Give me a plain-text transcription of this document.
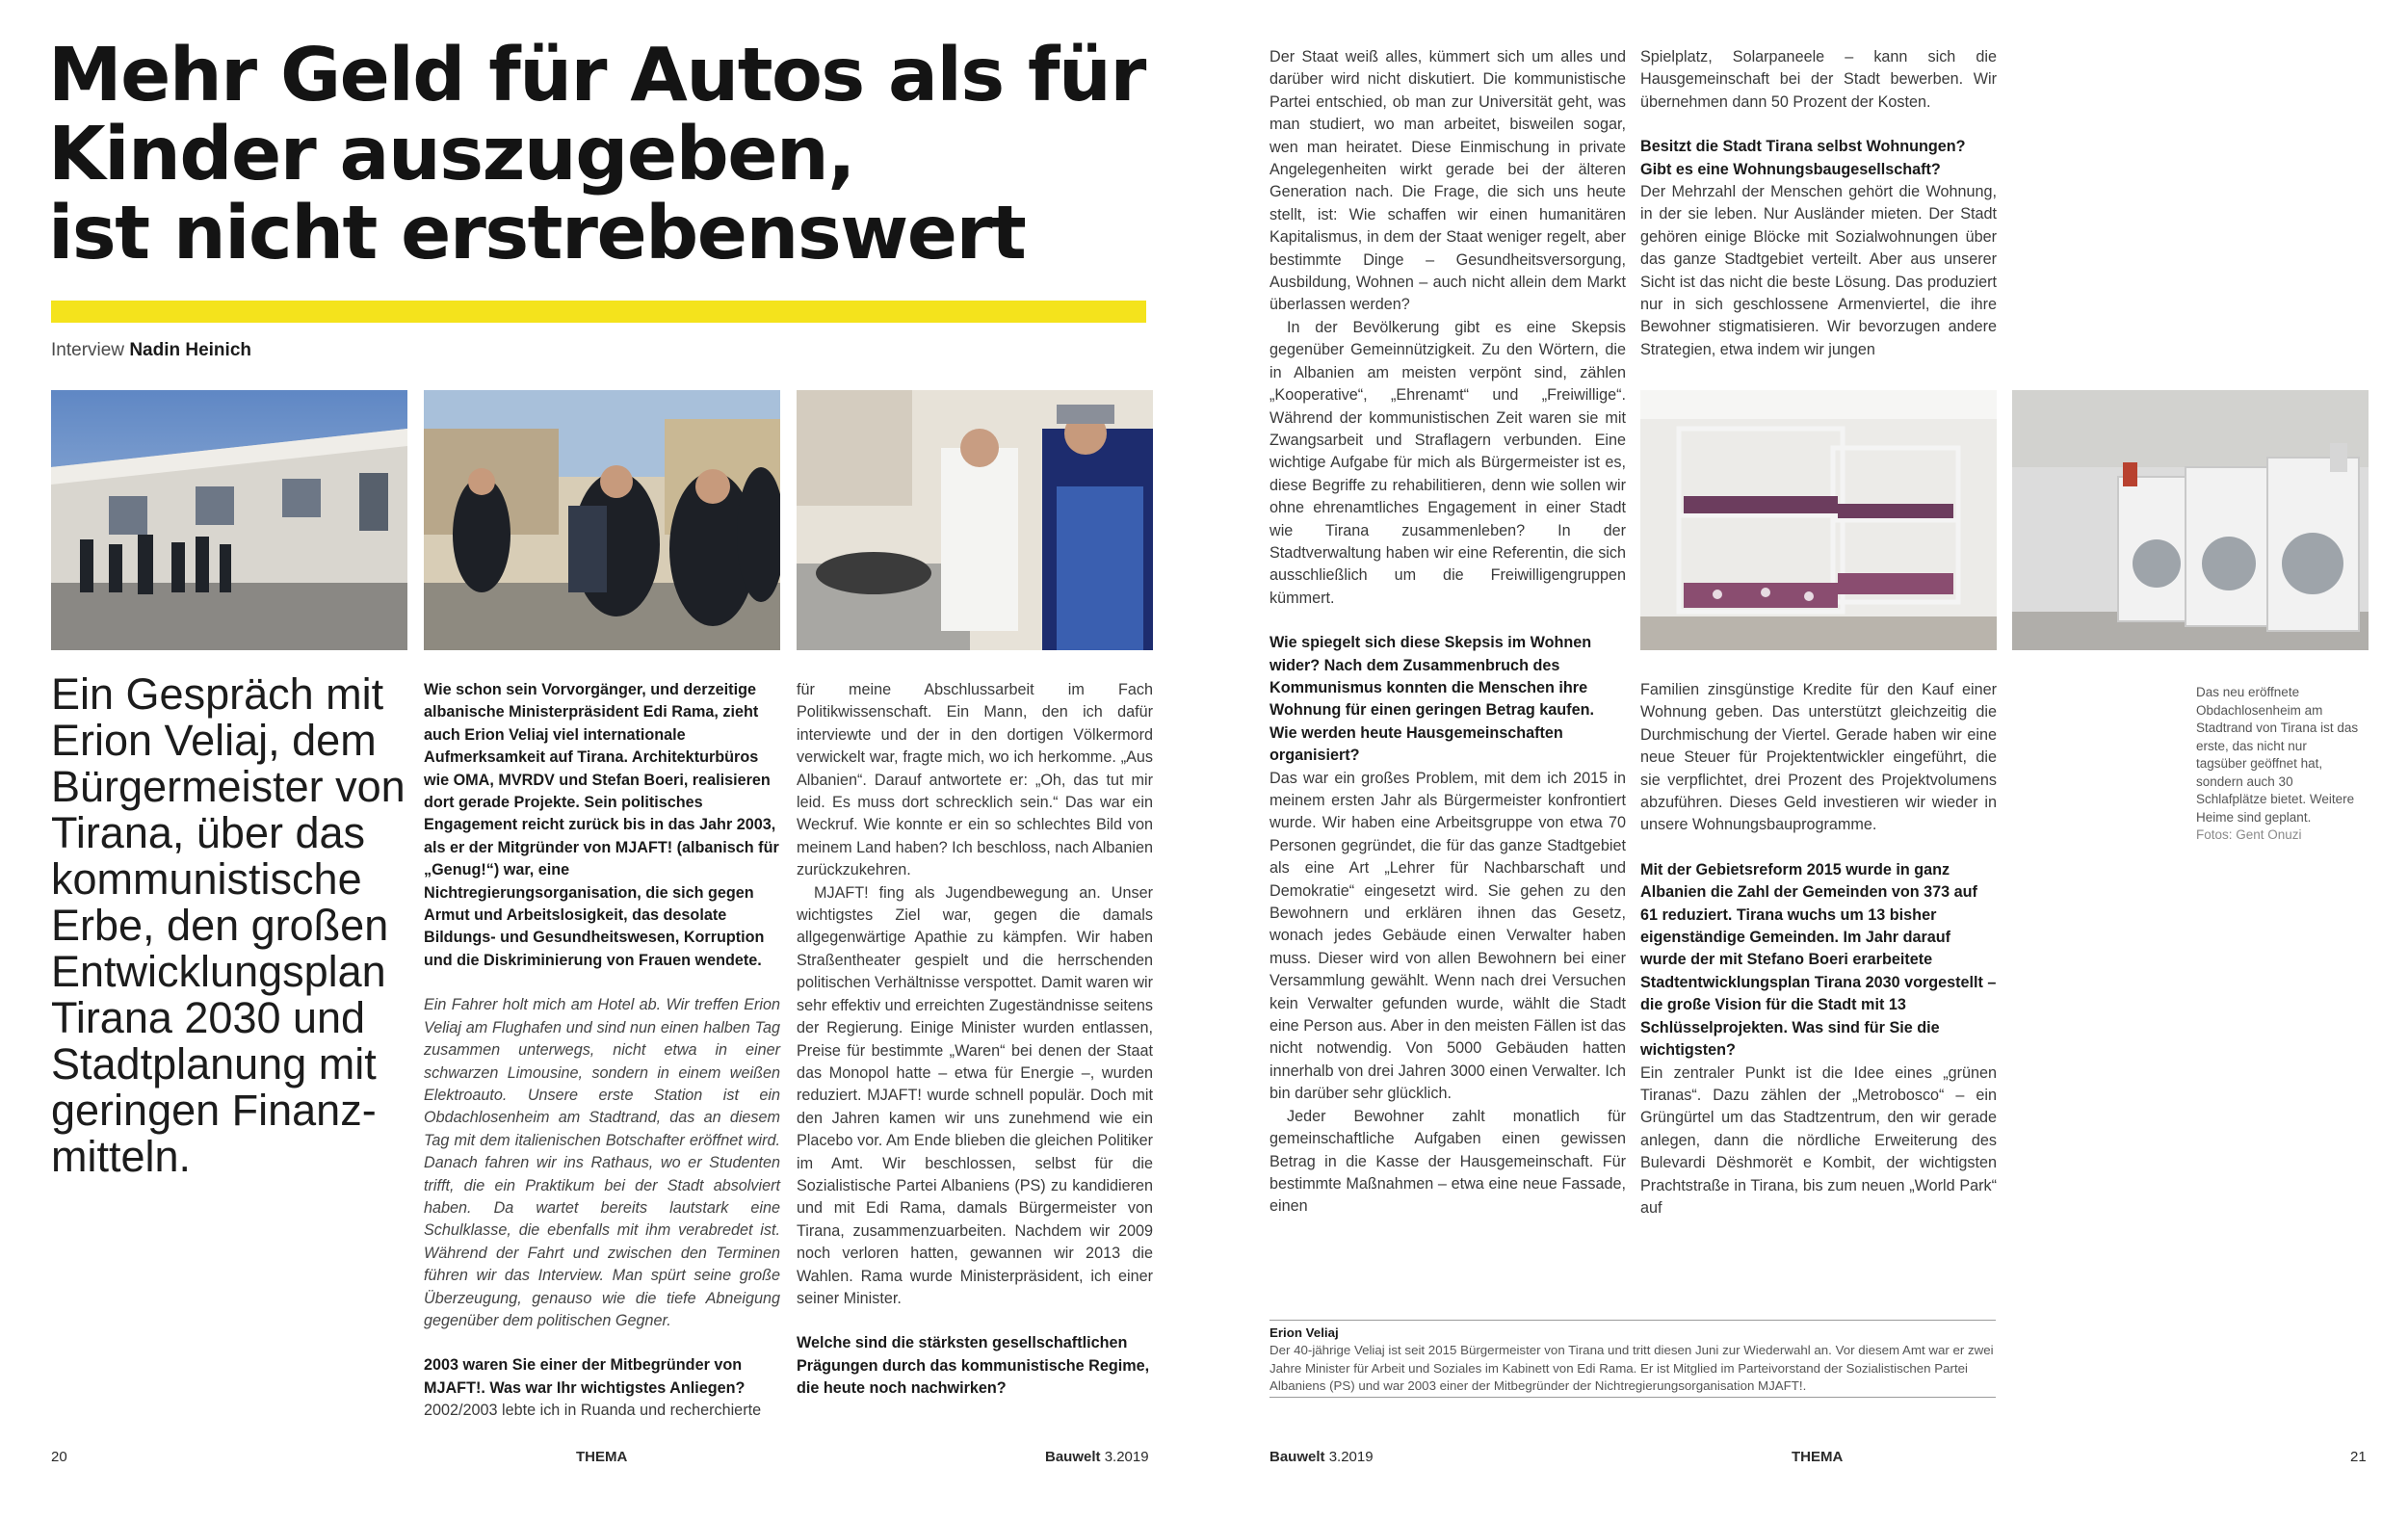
Mehr Geld für Autos als für
Kinder auszugeben,
ist nicht erstrebenswert
Interview Nadin Heinich

Ein Gespräch mit Erion Veliaj, dem Bürgermeister von Tirana, über das kommunistische Erbe, den großen Entwicklungsplan Tirana 2030 und Stadtplanung mit geringen Finanz-mitteln.

Wie schon sein Vorvorgänger, und derzeitige albanische Ministerpräsident Edi Rama, zieht auch Erion Veliaj viel internationale Aufmerksamkeit auf Tirana. Architekturbüros wie OMA, MVRDV und Stefan Boeri, realisieren dort gerade Projekte. Sein politisches Engagement reicht zurück bis in das Jahr 2003, als er der Mitgründer von MJAFT! (albanisch für „Genug!“) war, eine Nichtregierungsorganisation, die sich gegen Armut und Arbeitslosigkeit, das desolate Bildungs- und Gesundheitswesen, Korruption und die Diskriminierung von Frauen wendete.

Ein Fahrer holt mich am Hotel ab. Wir treffen Erion Veliaj am Flughafen und sind nun einen halben Tag zusammen unterwegs, nicht etwa in einer schwarzen Limousine, sondern in einem weißen Elektroauto. Unsere erste Station ist ein Obdachlosenheim am Stadtrand, das an diesem Tag mit dem italienischen Botschafter eröffnet wird. Danach fahren wir ins Rathaus, wo er Studenten trifft, die ein Praktikum bei der Stadt absolviert haben. Da wartet bereits lautstark eine Schulklasse, die ebenfalls mit ihm verabredet ist. Während der Fahrt und zwischen den Terminen führen wir das Interview. Man spürt seine große Überzeugung, genauso wie die tiefe Abneigung gegenüber dem politischen Gegner.

2003 waren Sie einer der Mitbegründer von MJAFT!. Was war Ihr wichtigstes Anliegen?

2002/2003 lebte ich in Ruanda und recherchierte

für meine Abschlussarbeit im Fach Politikwissenschaft. Ein Mann, den ich dafür interviewte und der in den dortigen Völkermord verwickelt war, fragte mich, wo ich herkomme. „Aus Albanien“. Darauf antwortete er: „Oh, das tut mir leid. Es muss dort schrecklich sein.“ Das war ein Weckruf. Wie konnte er ein so schlechtes Bild von meinem Land haben? Ich beschloss, nach Albanien zurückzukehren.

MJAFT! fing als Jugendbewegung an. Unser wichtigstes Ziel war, gegen die damals allgegenwärtige Apathie zu kämpfen. Wir haben Straßentheater gespielt und die herrschenden politischen Verhältnisse verspottet. Damit waren wir sehr effektiv und erreichten Zugeständnisse seitens der Regierung. Einige Minister wurden entlassen, Preise für bestimmte „Waren“ bei denen der Staat das Monopol hatte – etwa für Energie –, wurden reduziert. MJAFT! wurde schnell populär. Doch mit den Jahren kamen wir uns zunehmend wie ein Placebo vor. Am Ende blieben die gleichen Politiker im Amt. Wir beschlossen, selbst für die Sozialistische Partei Albaniens (PS) zu kandidieren und mit Edi Rama, damals Bürgermeister von Tirana, zusammenzuarbeiten. Nachdem wir 2009 noch verloren hatten, gewannen wir 2013 die Wahlen. Rama wurde Ministerpräsident, ich einer seiner Minister.

Welche sind die stärksten gesellschaftlichen Prägungen durch das kommunistische Regime, die heute noch nachwirken?

20	THEMA	Bauwelt 3.2019

Der Staat weiß alles, kümmert sich um alles und darüber wird nicht diskutiert. Die kommunistische Partei entschied, ob man zur Universität geht, was man studiert, wo man arbeitet, bisweilen sogar, wen man heiratet. Diese Einmischung in private Angelegenheiten wirkt gerade bei der älteren Generation nach. Die Frage, die sich uns heute stellt, ist: Wie schaffen wir einen humanitären Kapitalismus, in dem der Staat weniger regelt, aber bestimmte Dinge – Gesundheitsversorgung, Ausbildung, Wohnen – auch nicht allein dem Markt überlassen werden?

In der Bevölkerung gibt es eine Skepsis gegenüber Gemeinnützigkeit. Zu den Wörtern, die in Albanien am meisten verpönt sind, zählen „Kooperative“, „Ehrenamt“ und „Freiwillige“. Während der kommunistischen Zeit waren sie mit Zwangsarbeit und Straflagern verbunden. Eine wichtige Aufgabe für mich als Bürgermeister ist es, diese Begriffe zu rehabilitieren, denn wie sollen wir ohne ehrenamtliches Engagement in einer Stadt wie Tirana zusammenleben? In der Stadtverwaltung haben wir eine Referentin, die sich ausschließlich um die Freiwilligengruppen kümmert.

Wie spiegelt sich diese Skepsis im Wohnen wider? Nach dem Zusammenbruch des Kommunismus konnten die Menschen ihre Wohnung für einen geringen Betrag kaufen. Wie werden heute Hausgemeinschaften organisiert?

Das war ein großes Problem, mit dem ich 2015 in meinem ersten Jahr als Bürgermeister konfrontiert wurde. Wir haben eine Arbeitsgruppe von etwa 70 Personen gegründet, die für das ganze Stadtgebiet als eine Art „Lehrer für Nachbarschaft und Demokratie“ eingesetzt wird. Sie gehen zu den Bewohnern und erklären ihnen das Gesetz, wonach jedes Gebäude einen Verwalter haben muss. Dieser wird von allen Bewohnern bei einer Versammlung gewählt. Wenn nach drei Versuchen kein Verwalter gefunden wurde, wählt die Stadt eine Person aus. Aber in den meisten Fällen ist das nicht notwendig. Von 5000 Gebäuden hatten innerhalb von drei Jahren 3000 einen Verwalter. Ich bin darüber sehr glücklich.

Jeder Bewohner zahlt monatlich für gemeinschaftliche Aufgaben einen gewissen Betrag in die Kasse der Hausgemeinschaft. Für bestimmte Maßnahmen – etwa eine neue Fassade, einen

Spielplatz, Solarpaneele – kann sich die Hausgemeinschaft bei der Stadt bewerben. Wir übernehmen dann 50 Prozent der Kosten.

Besitzt die Stadt Tirana selbst Wohnungen? Gibt es eine Wohnungsbaugesellschaft?

Der Mehrzahl der Menschen gehört die Wohnung, in der sie leben. Nur Ausländer mieten. Der Stadt gehören einige Blöcke mit Sozialwohnungen über das ganze Stadtgebiet verteilt. Aber aus unserer Sicht ist das nicht die beste Lösung. Das produziert nur in sich geschlossene Armenviertel, die ihre Bewohner stigmatisieren. Wir bevorzugen andere Strategien, etwa indem wir jungen

Das neu eröffnete Obdachlosenheim am Stadtrand von Tirana ist das erste, das nicht nur tagsüber geöffnet hat, sondern auch 30 Schlafplätze bietet. Weitere Heime sind geplant.
Fotos: Gent Onuzi

Familien zinsgünstige Kredite für den Kauf einer Wohnung geben. Das unterstützt gleichzeitig die Durchmischung der Viertel. Gerade haben wir eine neue Steuer für Projektentwickler eingeführt, die sie verpflichtet, drei Prozent des Projektvolumens abzuführen. Dieses Geld investieren wir wieder in unsere Wohnungsbauprogramme.

Mit der Gebietsreform 2015 wurde in ganz Albanien die Zahl der Gemeinden von 373 auf 61 reduziert. Tirana wuchs um 13 bisher eigenständige Gemeinden. Im Jahr darauf wurde der mit Stefano Boeri erarbeitete Stadtentwicklungsplan Tirana 2030 vorgestellt – die große Vision für die Stadt mit 13 Schlüsselprojekten. Was sind für Sie die wichtigsten?

Ein zentraler Punkt ist die Idee eines „grünen Tiranas“. Dazu zählen der „Metrobosco“ – ein Grüngürtel um das Stadtzentrum, den wir gerade anlegen, dann die nördliche Erweiterung des Bulevardi Dëshmorët e Kombit, der wichtigsten Prachtstraße in Tirana, bis zum neuen „World Park“ auf

Erion Veliaj
Der 40-jährige Veliaj ist seit 2015 Bürgermeister von Tirana und tritt diesen Juni zur Wiederwahl an. Vor diesem Amt war er zwei Jahre Minister für Arbeit und Soziales im Kabinett von Edi Rama. Er ist Mitglied im Parteivorstand der Sozialistischen Partei Albaniens (PS) und war 2003 einer der Mitbegründer der Nichtregierungsorganisation MJAFT!.
Bauwelt 3.2019	THEMA	21
